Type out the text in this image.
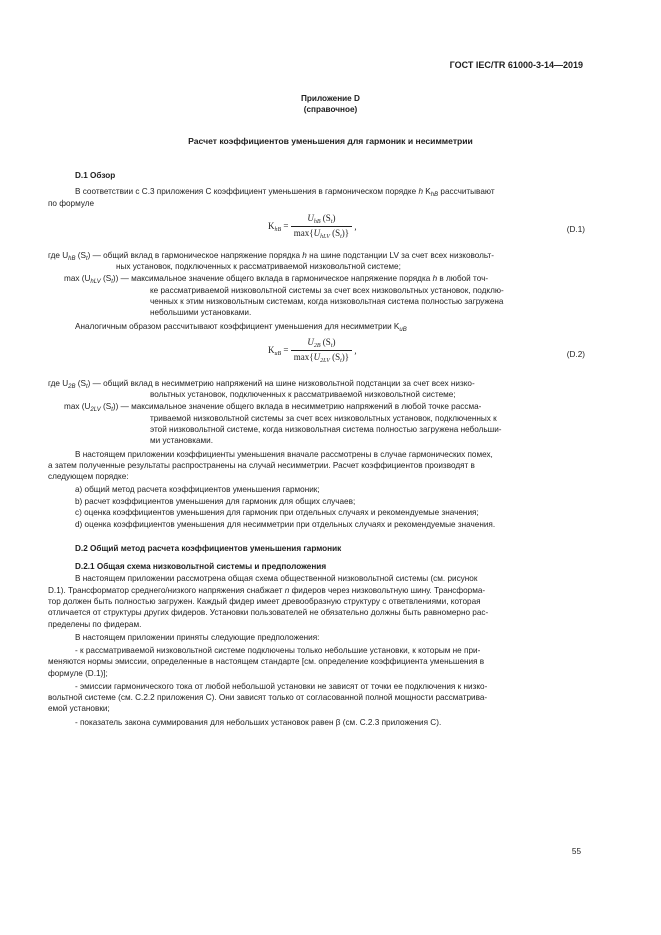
ГОСТ IEC/TR 61000-3-14—2019
Приложение D
(справочное)
Расчет коэффициентов уменьшения для гармоник и несимметрии
D.1 Обзор
В соответствии с С.3 приложения С коэффициент уменьшения в гармоническом порядке h $K_{hB}$ рассчитывают
по формуле
$K_{hB} = \frac{U_{hB} (S_t)}{\max\{U_{hLV} (S_t)\}}$ ,	(D.1)
где $U_{hB}$ $(S_t)$ — общий вклад в гармоническое напряжение порядка h на шине подстанции LV за счет всех низковольт-
ных установок, подключенных к рассматриваемой низковольтной системе;
$\max (U_{hLV}$ $(S_t)$) — максимальное значение общего вклада в гармоническое напряжение порядка h в любой точ-
ке рассматриваемой низковольтной системы за счет всех низковольтных установок, подклю-
ченных к этим низковольтным системам, когда низковольтная система полностью загружена
небольшими установками.
Аналогичным образом рассчитывают коэффициент уменьшения для несимметрии $K_{uB}$
$K_{uB} = \frac{U_{2B} (S_t)}{\max\{U_{2LV} (S_t)\}}$ ,	(D.2)
где $U_{2B}$ $(S_t)$ — общий вклад в несимметрию напряжений на шине низковольтной подстанции за счет всех низко-
вольтных установок, подключенных к рассматриваемой низковольтной системе;
$\max (U_{2LV}$ $(S_t)$) — максимальное значение общего вклада в несимметрию напряжений в любой точке рассма-
триваемой низковольтной системы за счет всех низковольтных установок, подключенных к
этой низковольтной системе, когда низковольтная система полностью загружена небольши-
ми установками.
В настоящем приложении коэффициенты уменьшения вначале рассмотрены в случае гармонических помех,
а затем полученные результаты распространены на случай несимметрии. Расчет коэффициентов производят в
следующем порядке:
a) общий метод расчета коэффициентов уменьшения гармоник;
b) расчет коэффициентов уменьшения для гармоник для общих случаев;
c) оценка коэффициентов уменьшения для гармоник при отдельных случаях и рекомендуемые значения;
d) оценка коэффициентов уменьшения для несимметрии при отдельных случаях и рекомендуемые значения.
D.2 Общий метод расчета коэффициентов уменьшения гармоник
D.2.1 Общая схема низковольтной системы и предположения
В настоящем приложении рассмотрена общая схема общественной низковольтной системы (см. рисунок
D.1). Трансформатор среднего/низкого напряжения снабжает n фидеров через низковольтную шину. Трансформа-
тор должен быть полностью загружен. Каждый фидер имеет древообразную структуру с ответвлениями, которая
отличается от структуры других фидеров. Установки пользователей не обязательно должны быть равномерно рас-
пределены по фидерам.
В настоящем приложении приняты следующие предположения:
- к рассматриваемой низковольтной системе подключены только небольшие установки, к которым не при-
меняются нормы эмиссии, определенные в настоящем стандарте [см. определение коэффициента уменьшения в
формуле (D.1)];
- эмиссии гармонического тока от любой небольшой установки не зависят от точки ее подключения к низко-
вольтной системе (см. С.2.2 приложения С). Они зависят только от согласованной полной мощности рассматрива-
емой установки;
- показатель закона суммирования для небольших установок равен β (см. С.2.3 приложения С).
55
